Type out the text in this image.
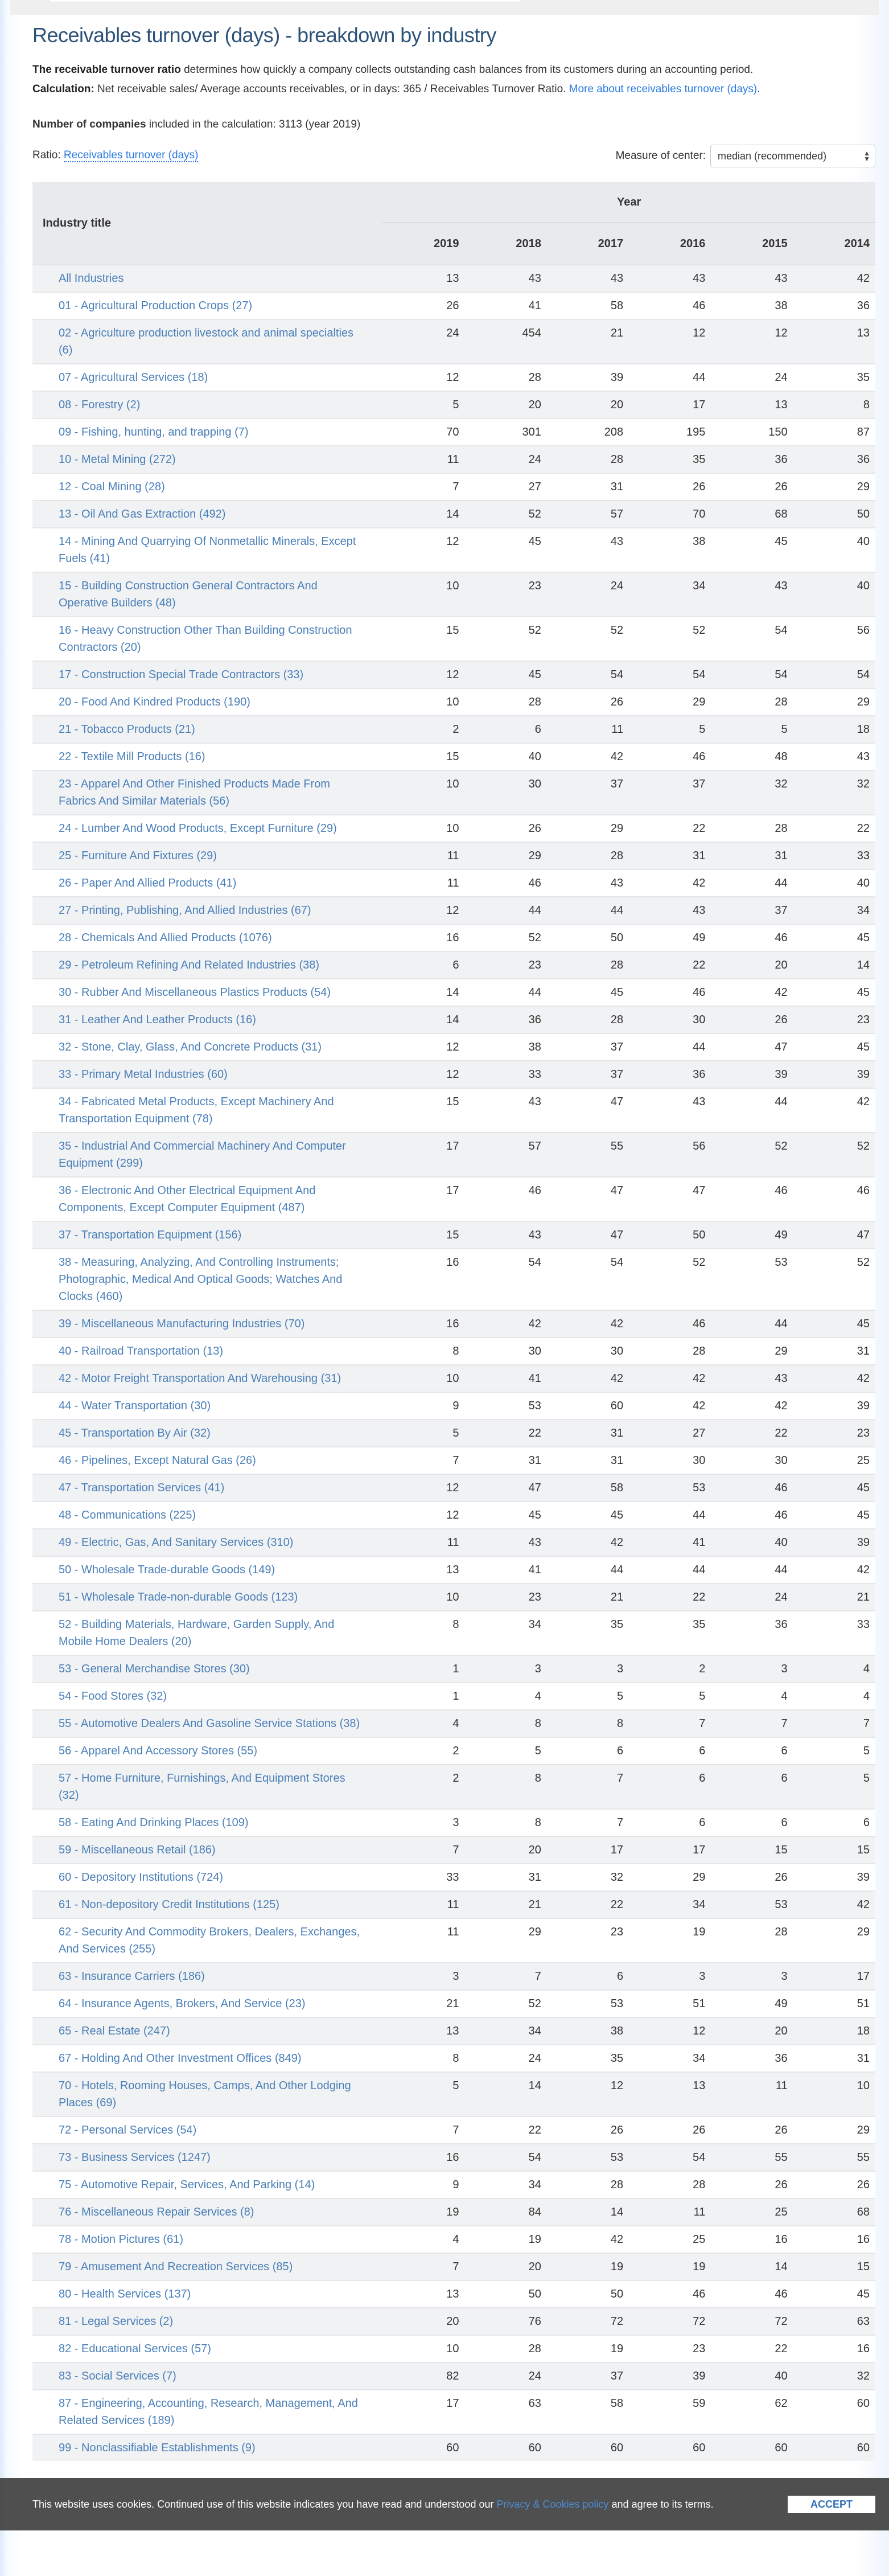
Receivables turnover (days) - breakdown by industry
The receivable turnover ratio determines how quickly a company collects outstanding cash balances from its customers during an accounting period.
Calculation: Net receivable sales/ Average accounts receivables, or in days: 365 / Receivables Turnover Ratio. More about receivables turnover (days).
Number of companies included in the calculation: 3113 (year 2019)
Ratio: Receivables turnover (days)	Measure of center: median (recommended)	▲
▼
Industry title	Year					
	2019	2018	2017	2016	2015	2014
All Industries	13	43	43	43	43	42
01 - Agricultural Production Crops (27)	26	41	58	46	38	36
02 - Agriculture production livestock and animal specialties (6)	24	454	21	12	12	13
07 - Agricultural Services (18)	12	28	39	44	24	35
08 - Forestry (2)	5	20	20	17	13	8
09 - Fishing, hunting, and trapping (7)	70	301	208	195	150	87
10 - Metal Mining (272)	11	24	28	35	36	36
12 - Coal Mining (28)	7	27	31	26	26	29
13 - Oil And Gas Extraction (492)	14	52	57	70	68	50
14 - Mining And Quarrying Of Nonmetallic Minerals, Except Fuels (41)	12	45	43	38	45	40
15 - Building Construction General Contractors And Operative Builders (48)	10	23	24	34	43	40
16 - Heavy Construction Other Than Building Construction Contractors (20)	15	52	52	52	54	56
17 - Construction Special Trade Contractors (33)	12	45	54	54	54	54
20 - Food And Kindred Products (190)	10	28	26	29	28	29
21 - Tobacco Products (21)	2	6	11	5	5	18
22 - Textile Mill Products (16)	15	40	42	46	48	43
23 - Apparel And Other Finished Products Made From Fabrics And Similar Materials (56)	10	30	37	37	32	32
24 - Lumber And Wood Products, Except Furniture (29)	10	26	29	22	28	22
25 - Furniture And Fixtures (29)	11	29	28	31	31	33
26 - Paper And Allied Products (41)	11	46	43	42	44	40
27 - Printing, Publishing, And Allied Industries (67)	12	44	44	43	37	34
28 - Chemicals And Allied Products (1076)	16	52	50	49	46	45
29 - Petroleum Refining And Related Industries (38)	6	23	28	22	20	14
30 - Rubber And Miscellaneous Plastics Products (54)	14	44	45	46	42	45
31 - Leather And Leather Products (16)	14	36	28	30	26	23
32 - Stone, Clay, Glass, And Concrete Products (31)	12	38	37	44	47	45
33 - Primary Metal Industries (60)	12	33	37	36	39	39
34 - Fabricated Metal Products, Except Machinery And Transportation Equipment (78)	15	43	47	43	44	42
35 - Industrial And Commercial Machinery And Computer Equipment (299)	17	57	55	56	52	52
36 - Electronic And Other Electrical Equipment And Components, Except Computer Equipment (487)	17	46	47	47	46	46
37 - Transportation Equipment (156)	15	43	47	50	49	47
38 - Measuring, Analyzing, And Controlling Instruments; Photographic, Medical And Optical Goods; Watches And Clocks (460)	16	54	54	52	53	52
39 - Miscellaneous Manufacturing Industries (70)	16	42	42	46	44	45
40 - Railroad Transportation (13)	8	30	30	28	29	31
42 - Motor Freight Transportation And Warehousing (31)	10	41	42	42	43	42
44 - Water Transportation (30)	9	53	60	42	42	39
45 - Transportation By Air (32)	5	22	31	27	22	23
46 - Pipelines, Except Natural Gas (26)	7	31	31	30	30	25
47 - Transportation Services (41)	12	47	58	53	46	45
48 - Communications (225)	12	45	45	44	46	45
49 - Electric, Gas, And Sanitary Services (310)	11	43	42	41	40	39
50 - Wholesale Trade-durable Goods (149)	13	41	44	44	44	42
51 - Wholesale Trade-non-durable Goods (123)	10	23	21	22	24	21
52 - Building Materials, Hardware, Garden Supply, And Mobile Home Dealers (20)	8	34	35	35	36	33
53 - General Merchandise Stores (30)	1	3	3	2	3	4
54 - Food Stores (32)	1	4	5	5	4	4
55 - Automotive Dealers And Gasoline Service Stations (38)	4	8	8	7	7	7
56 - Apparel And Accessory Stores (55)	2	5	6	6	6	5
57 - Home Furniture, Furnishings, And Equipment Stores (32)	2	8	7	6	6	5
58 - Eating And Drinking Places (109)	3	8	7	6	6	6
59 - Miscellaneous Retail (186)	7	20	17	17	15	15
60 - Depository Institutions (724)	33	31	32	29	26	39
61 - Non-depository Credit Institutions (125)	11	21	22	34	53	42
62 - Security And Commodity Brokers, Dealers, Exchanges, And Services (255)	11	29	23	19	28	29
63 - Insurance Carriers (186)	3	7	6	3	3	17
64 - Insurance Agents, Brokers, And Service (23)	21	52	53	51	49	51
65 - Real Estate (247)	13	34	38	12	20	18
67 - Holding And Other Investment Offices (849)	8	24	35	34	36	31
70 - Hotels, Rooming Houses, Camps, And Other Lodging Places (69)	5	14	12	13	11	10
72 - Personal Services (54)	7	22	26	26	26	29
73 - Business Services (1247)	16	54	53	54	55	55
75 - Automotive Repair, Services, And Parking (14)	9	34	28	28	26	26
76 - Miscellaneous Repair Services (8)	19	84	14	11	25	68
78 - Motion Pictures (61)	4	19	42	25	16	16
79 - Amusement And Recreation Services (85)	7	20	19	19	14	15
80 - Health Services (137)	13	50	50	46	46	45
81 - Legal Services (2)	20	76	72	72	72	63
82 - Educational Services (57)	10	28	19	23	22	16
83 - Social Services (7)	82	24	37	39	40	32
87 - Engineering, Accounting, Research, Management, And Related Services (189)	17	63	58	59	62	60
99 - Nonclassifiable Establishments (9)	60	60	60	60	60	60
This website uses cookies. Continued use of this website indicates you have read and understood our Privacy & Cookies policy and agree to its terms.	ACCEPT
